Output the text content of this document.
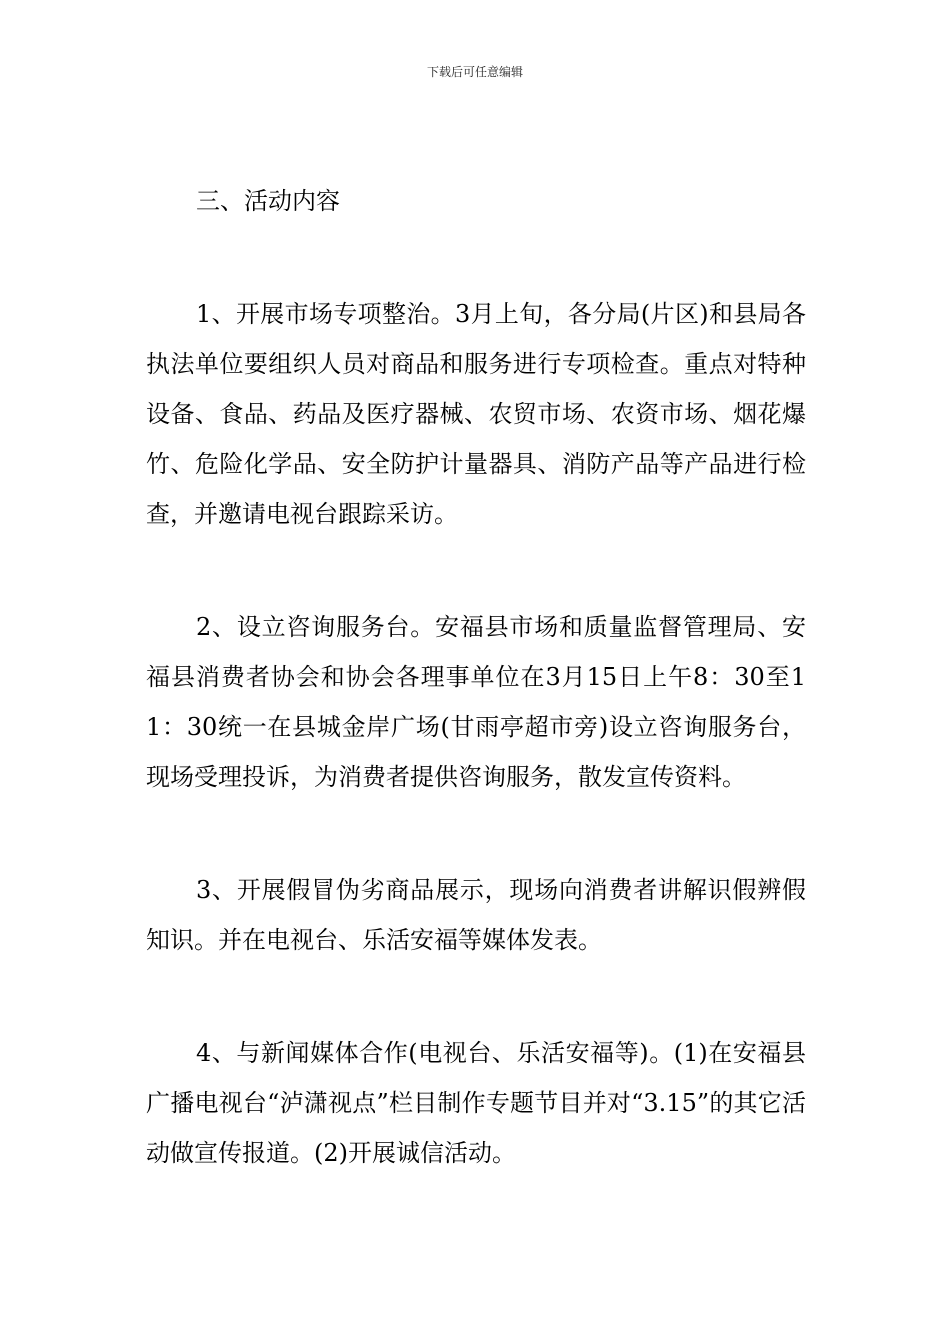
下载后可任意编辑

三、活动内容

1、开展市场专项整治。3月上旬，各分局(片区)和县局各执法单位要组织人员对商品和服务进行专项检查。重点对特种设备、食品、药品及医疗器械、农贸市场、农资市场、烟花爆竹、危险化学品、安全防护计量器具、消防产品等产品进行检查，并邀请电视台跟踪采访。

2、设立咨询服务台。安福县市场和质量监督管理局、安福县消费者协会和协会各理事单位在3月15日上午8：30至11：30统一在县城金岸广场(甘雨亭超市旁)设立咨询服务台，现场受理投诉，为消费者提供咨询服务，散发宣传资料。

3、开展假冒伪劣商品展示，现场向消费者讲解识假辨假知识。并在电视台、乐活安福等媒体发表。

4、与新闻媒体合作(电视台、乐活安福等)。(1)在安福县广播电视台“泸潇视点”栏目制作专题节目并对“3.15”的其它活动做宣传报道。(2)开展诚信活动。
